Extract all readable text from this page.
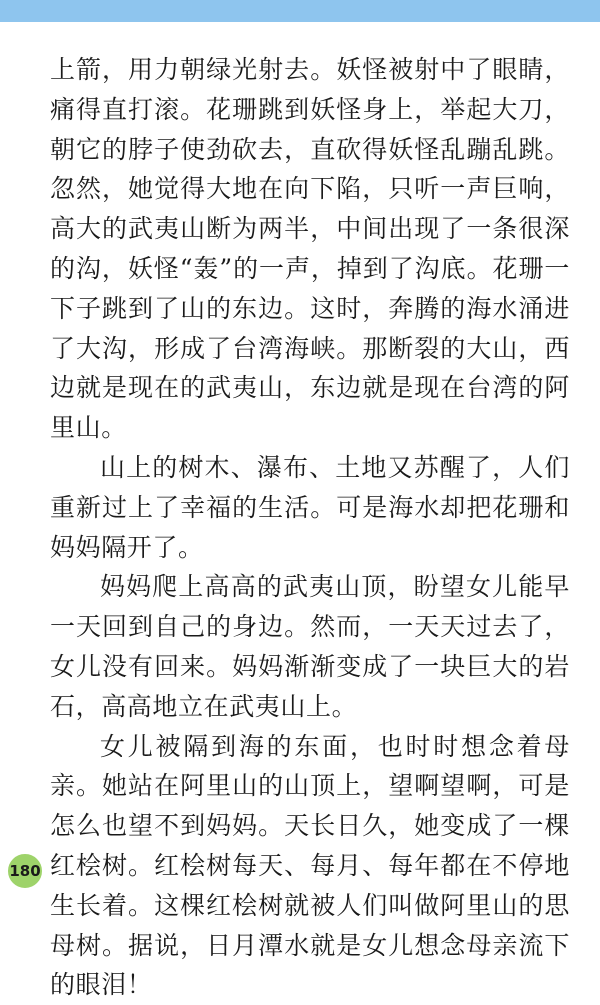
上箭，用力朝绿光射去。妖怪被射中了眼睛，痛得直打滚。花珊跳到妖怪身上，举起大刀，朝它的脖子使劲砍去，直砍得妖怪乱蹦乱跳。忽然，她觉得大地在向下陷，只听一声巨响，高大的武夷山断为两半，中间出现了一条很深的沟，妖怪“轰”的一声，掉到了沟底。花珊一下子跳到了山的东边。这时，奔腾的海水涌进了大沟，形成了台湾海峡。那断裂的大山，西边就是现在的武夷山，东边就是现在台湾的阿里山。

山上的树木、瀑布、土地又苏醒了，人们重新过上了幸福的生活。可是海水却把花珊和妈妈隔开了。

妈妈爬上高高的武夷山顶，盼望女儿能早一天回到自己的身边。然而，一天天过去了，女儿没有回来。妈妈渐渐变成了一块巨大的岩石，高高地立在武夷山上。

女儿被隔到海的东面，也时时想念着母亲。她站在阿里山的山顶上，望啊望啊，可是怎么也望不到妈妈。天长日久，她变成了一棵红桧树。红桧树每天、每月、每年都在不停地生长着。这棵红桧树就被人们叫做阿里山的思母树。据说，日月潭水就是女儿想念母亲流下的眼泪！

180
